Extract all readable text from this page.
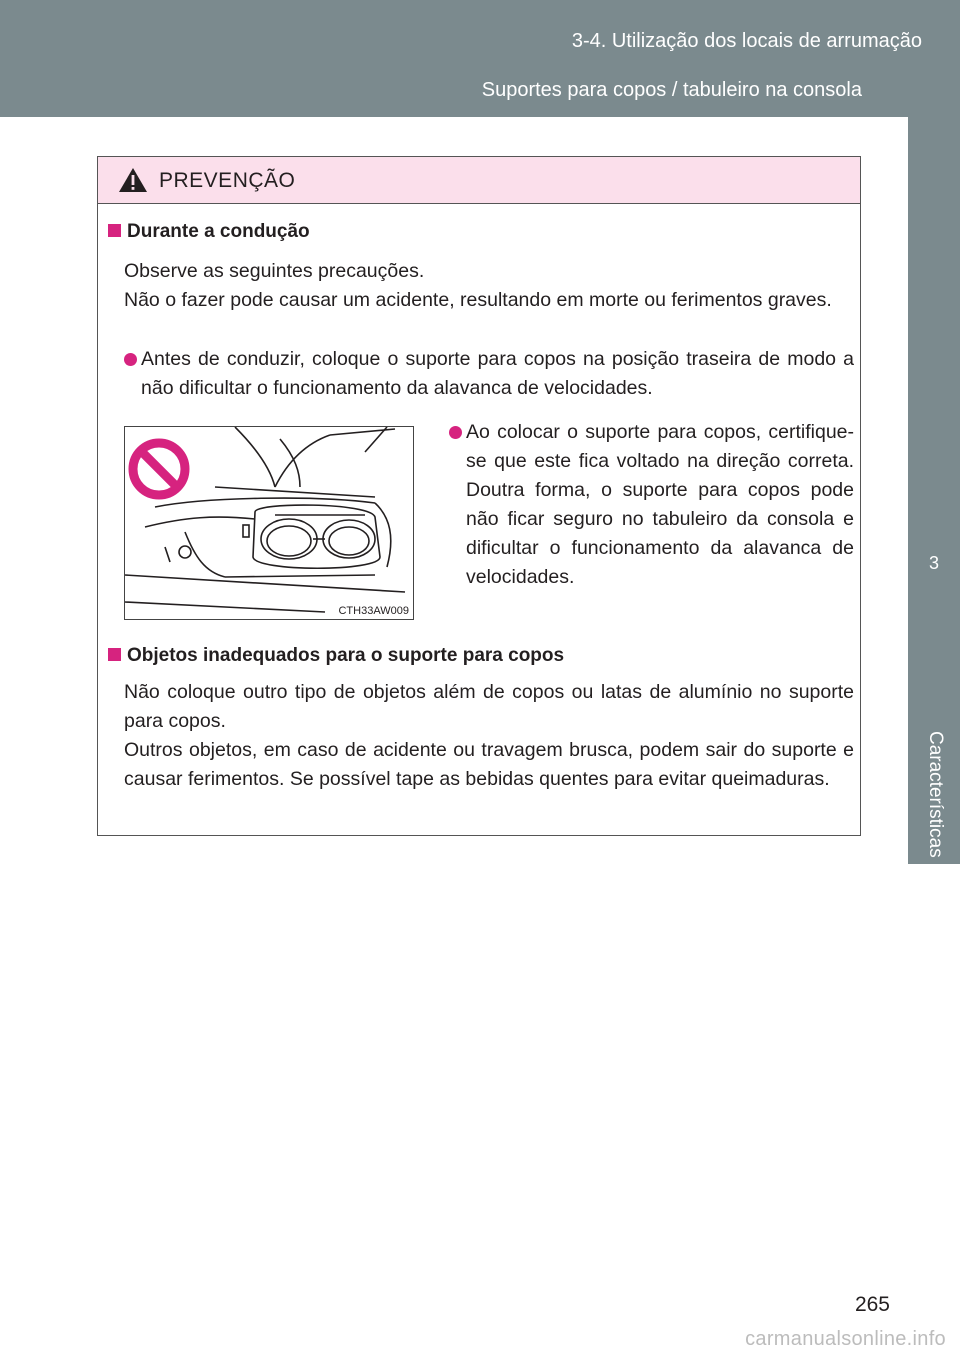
3-4. Utilização dos locais de arrumação
Suportes para copos / tabuleiro na consola
3
Características interiores
PREVENÇÃO
Durante a condução
Observe as seguintes precauções.
Não o fazer pode causar um acidente, resultando em morte ou ferimentos graves.
Antes de conduzir, coloque o suporte para copos na posição traseira de modo a não dificultar o funcionamento da alavanca de velocidades.
CTH33AW009
Ao colocar o suporte para copos, certifique-se que este fica voltado na direção correta. Doutra forma, o suporte para copos pode não ficar seguro no tabuleiro da consola e dificultar o funcionamento da alavanca de velocidades.
Objetos inadequados para o suporte para copos
Não coloque outro tipo de objetos além de copos ou latas de alumínio no suporte para copos.
Outros objetos, em caso de acidente ou travagem brusca, podem sair do suporte e causar ferimentos. Se possível tape as bebidas quentes para evitar queimaduras.
265
carmanualsonline.info
